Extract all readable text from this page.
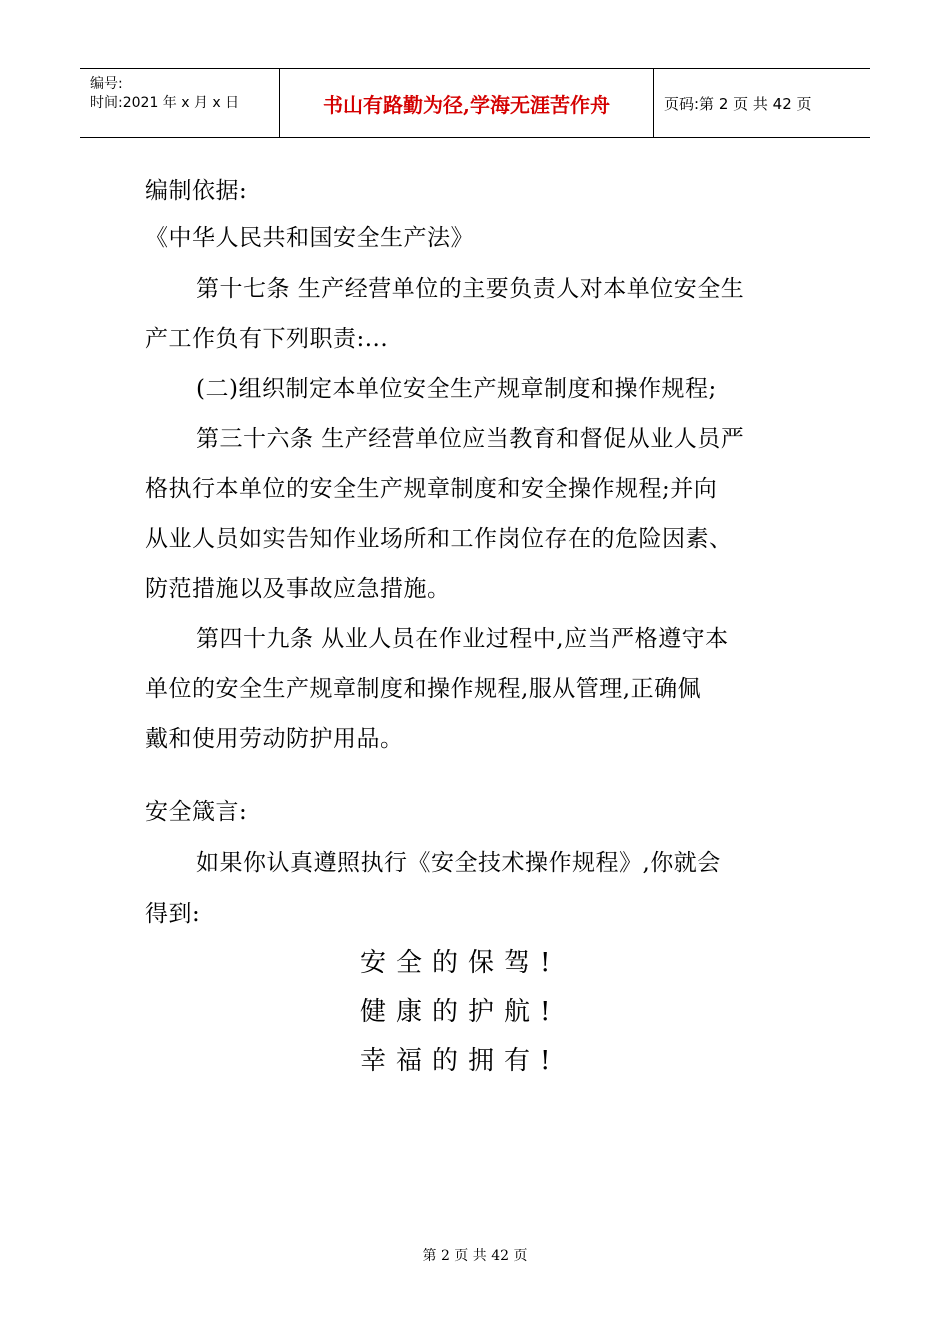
编号:
时间:2021 年 x 月 x 日	书山有路勤为径,学海无涯苦作舟	页码:第 2 页 共 42 页
编制依据:
《中华人民共和国安全生产法》
第十七条 生产经营单位的主要负责人对本单位安全生
产工作负有下列职责:...
(二)组织制定本单位安全生产规章制度和操作规程;
第三十六条 生产经营单位应当教育和督促从业人员严
格执行本单位的安全生产规章制度和安全操作规程;并向
从业人员如实告知作业场所和工作岗位存在的危险因素、
防范措施以及事故应急措施。
第四十九条 从业人员在作业过程中,应当严格遵守本
单位的安全生产规章制度和操作规程,服从管理,正确佩
戴和使用劳动防护用品。
安全箴言:
如果你认真遵照执行《安全技术操作规程》,你就会
得到:
安全的保驾!
健康的护航!
幸福的拥有!
第 2 页 共 42 页
